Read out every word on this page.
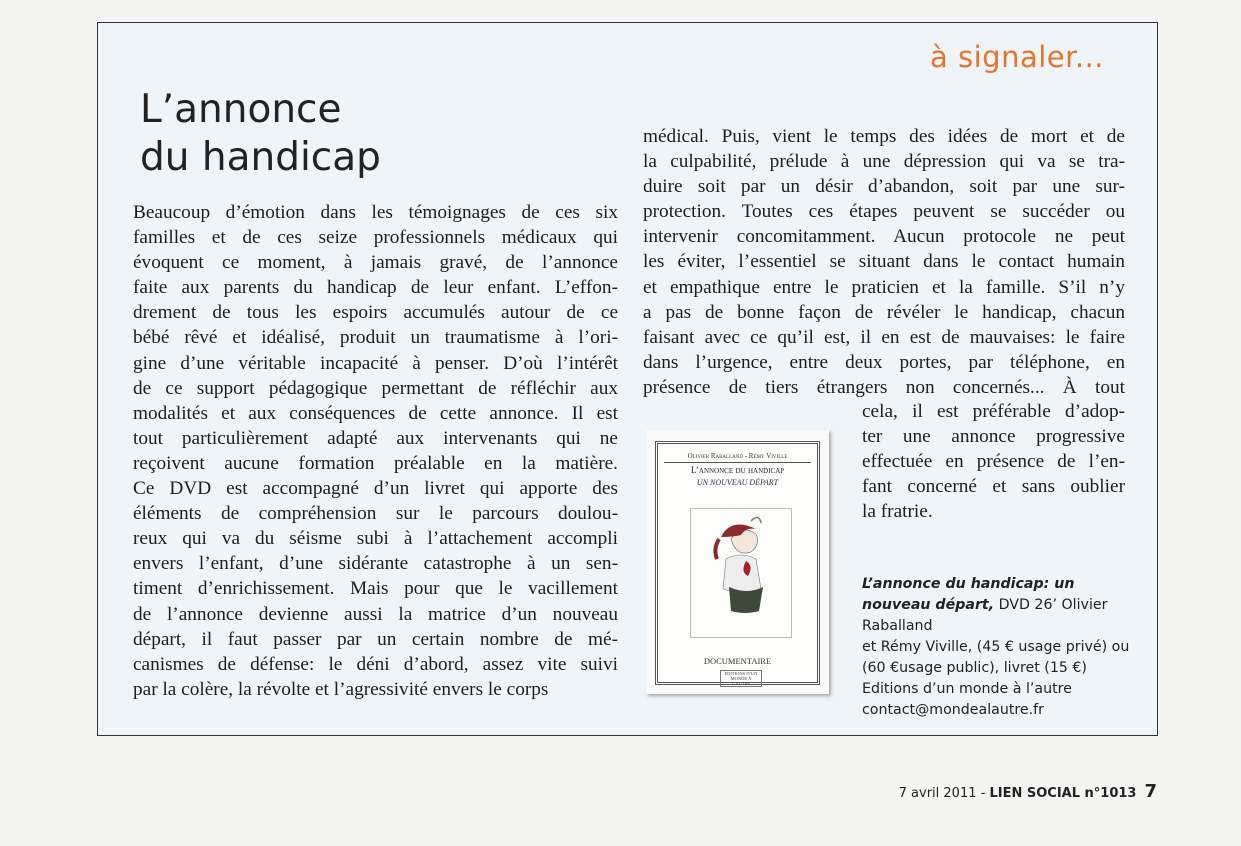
à signaler...
L’annonce
du handicap
Beaucoup d’émotion dans les témoignages de ces six
familles et de ces seize professionnels médicaux qui
évoquent ce moment, à jamais gravé, de l’annonce
faite aux parents du handicap de leur enfant. L’effon-
drement de tous les espoirs accumulés autour de ce
bébé rêvé et idéalisé, produit un traumatisme à l’ori-
gine d’une véritable incapacité à penser. D’où l’intérêt
de ce support pédagogique permettant de réfléchir aux
modalités et aux conséquences de cette annonce. Il est
tout particulièrement adapté aux intervenants qui ne
reçoivent aucune formation préalable en la matière.
Ce DVD est accompagné d’un livret qui apporte des
éléments de compréhension sur le parcours doulou-
reux qui va du séisme subi à l’attachement accompli
envers l’enfant, d’une sidérante catastrophe à un sen-
timent d’enrichissement. Mais pour que le vacillement
de l’annonce devienne aussi la matrice d’un nouveau
départ, il faut passer par un certain nombre de mé-
canismes de défense: le déni d’abord, assez vite suivi
par la colère, la révolte et l’agressivité envers le corps
médical. Puis, vient le temps des idées de mort et de
la culpabilité, prélude à une dépression qui va se tra-
duire soit par un désir d’abandon, soit par une sur-
protection. Toutes ces étapes peuvent se succéder ou
intervenir concomitamment. Aucun protocole ne peut
les éviter, l’essentiel se situant dans le contact humain
et empathique entre le praticien et la famille. S’il n’y
a pas de bonne façon de révéler le handicap, chacun
faisant avec ce qu’il est, il en est de mauvaises: le faire
dans l’urgence, entre deux portes, par téléphone, en
présence de tiers étrangers non concernés... À tout
cela, il est préférable d’adop-
ter une annonce progressive
effectuée en présence de l’en-
fant concerné et sans oublier
la fratrie.
Olivier Raballand - Rémy Viville
L’annonce du handicap
UN NOUVEAU DÉPART
DOCUMENTAIRE
EDITIONS D’UN MONDE À L’AUTRE
L’annonce du handicap: un nouveau départ, DVD 26’ Olivier Raballand
et Rémy Viville, (45 € usage privé) ou
(60 €usage public), livret (15 €)
Editions d’un monde à l’autre
contact@mondealautre.fr
7 avril 2011 - LIEN SOCIAL n°1013 7
